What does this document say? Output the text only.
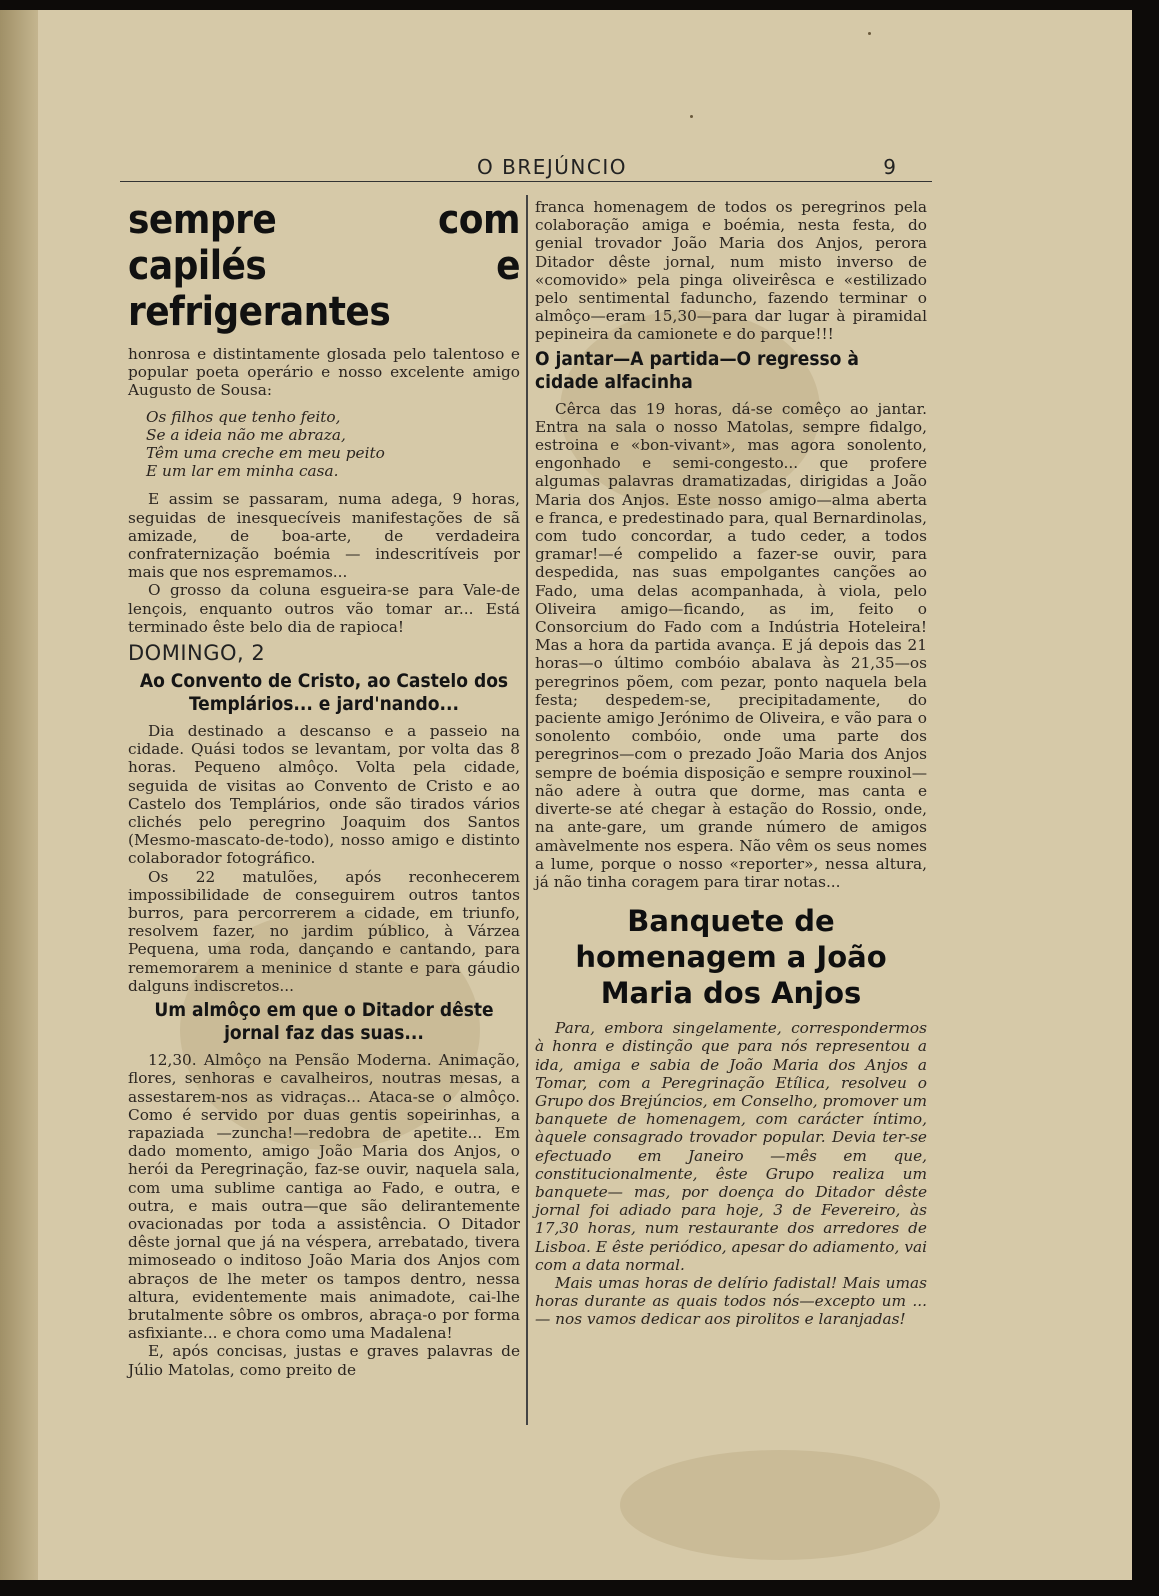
O BREJÚNCIO	9
sempre com capilés e refrigerantes

honrosa e distintamente glosada pelo talentoso e popular poeta operário e nosso excelente amigo Augusto de Sousa:

Os filhos que tenho feito,
Se a ideia não me abraza,
Têm uma creche em meu peito
E um lar em minha casa.

E assim se passaram, numa adega, 9 horas, seguidas de inesquecíveis manifestações de sã amizade, de boa-arte, de verdadeira confraternização boémia — indescritíveis por mais que nos espremamos...

O grosso da coluna esgueira-se para Vale-de lençois, enquanto outros vão tomar ar... Está terminado êste belo dia de rapioca!

DOMINGO, 2
Ao Convento de Cristo, ao Castelo dos Templários... e jard'nando...

Dia destinado a descanso e a passeio na cidade. Quási todos se levantam, por volta das 8 horas. Pequeno almôço. Volta pela cidade, seguida de visitas ao Convento de Cristo e ao Castelo dos Templários, onde são tirados vários clichés pelo peregrino Joaquim dos Santos (Mesmo-mascato-de-todo), nosso amigo e distinto colaborador fotográfico.

Os 22 matulões, após reconhecerem impossibilidade de conseguirem outros tantos burros, para percorrerem a cidade, em triunfo, resolvem fazer, no jardim público, à Várzea Pequena, uma roda, dançando e cantando, para rememorarem a meninice d stante e para gáudio dalguns indiscretos...

Um almôço em que o Ditador dêste jornal faz das suas...

12,30. Almôço na Pensão Moderna. Animação, flores, senhoras e cavalheiros, noutras mesas, a assestarem-nos as vidraças... Ataca-se o almôço. Como é servido por duas gentis sopeirinhas, a rapaziada —zuncha!—redobra de apetite... Em dado momento, amigo João Maria dos Anjos, o herói da Peregrinação, faz-se ouvir, naquela sala, com uma sublime cantiga ao Fado, e outra, e outra, e mais outra—que são delirantemente ovacionadas por toda a assistência. O Ditador dêste jornal que já na véspera, arrebatado, tivera mimoseado o inditoso João Maria dos Anjos com abraços de lhe meter os tampos dentro, nessa altura, evidentemente mais animadote, cai-lhe brutalmente sôbre os ombros, abraça-o por forma asfixiante... e chora como uma Madalena!

E, após concisas, justas e graves palavras de Júlio Matolas, como preito de

franca homenagem de todos os peregrinos pela colaboração amiga e boémia, nesta festa, do genial trovador João Maria dos Anjos, perora Ditador dêste jornal, num misto inverso de «comovido» pela pinga oliveirêsca e «estilizado pelo sentimental faduncho, fazendo terminar o almôço—eram 15,30—para dar lugar à piramidal pepineira da camionete e do parque!!!

O jantar—A partida—O regresso à cidade alfacinha

Cêrca das 19 horas, dá-se comêço ao jantar. Entra na sala o nosso Matolas, sempre fidalgo, estroina e «bon-vivant», mas agora sonolento, engonhado e semi-congesto... que profere algumas palavras dramatizadas, dirigidas a João Maria dos Anjos. Este nosso amigo—alma aberta e franca, e predestinado para, qual Bernardinolas, com tudo concordar, a tudo ceder, a todos gramar!—é compelido a fazer-se ouvir, para despedida, nas suas empolgantes canções ao Fado, uma delas acompanhada, à viola, pelo Oliveira amigo—ficando, as im, feito o Consorcium do Fado com a Indústria Hoteleira! Mas a hora da partida avança. E já depois das 21 horas—o último combóio abalava às 21,35—os peregrinos põem, com pezar, ponto naquela bela festa; despedem-se, precipitadamente, do paciente amigo Jerónimo de Oliveira, e vão para o sonolento combóio, onde uma parte dos peregrinos—com o prezado João Maria dos Anjos sempre de boémia disposição e sempre rouxinol—não adere à outra que dorme, mas canta e diverte-se até chegar à estação do Rossio, onde, na ante-gare, um grande número de amigos amàvelmente nos espera. Não vêm os seus nomes a lume, porque o nosso «reporter», nessa altura, já não tinha coragem para tirar notas...

Banquete de homenagem a João Maria dos Anjos

Para, embora singelamente, correspondermos à honra e distinção que para nós representou a ida, amiga e sabia de João Maria dos Anjos a Tomar, com a Peregrinação Etílica, resolveu o Grupo dos Brejúncios, em Conselho, promover um banquete de homenagem, com carácter íntimo, àquele consagrado trovador popular. Devia ter-se efectuado em Janeiro —mês em que, constitucionalmente, êste Grupo realiza um banquete— mas, por doença do Ditador dêste jornal foi adiado para hoje, 3 de Fevereiro, às 17,30 horas, num restaurante dos arredores de Lisboa. E êste periódico, apesar do adiamento, vai com a data normal.

Mais umas horas de delírio fadistal! Mais umas horas durante as quais todos nós—excepto um ... — nos vamos dedicar aos pirolitos e laranjadas!
